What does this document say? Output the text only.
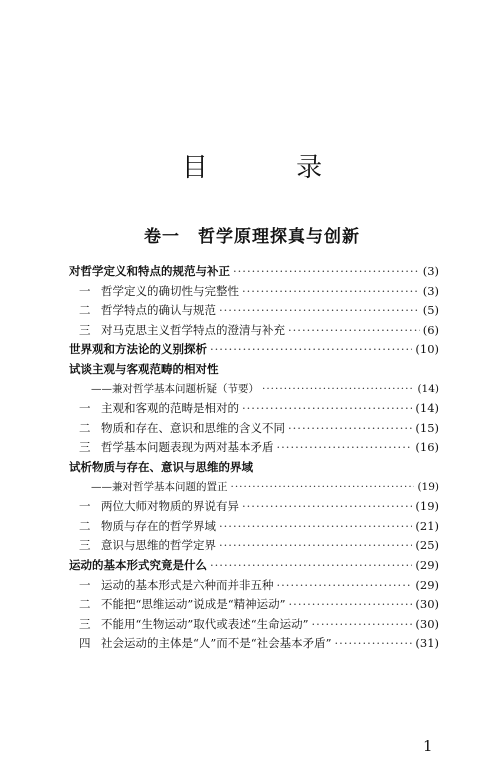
目 录
卷一　哲学原理探真与创新
对哲学定义和特点的规范与补正 ·····	(3)
一 哲学定义的确切性与完整性 ·····	(3)
二 哲学特点的确认与规范 ·····	(5)
三 对马克思主义哲学特点的澄清与补充 ·····	(6)
世界观和方法论的义别探析 ·····	(10)
试谈主观与客观范畴的相对性
——兼对哲学基本问题析疑（节要） ·····	(14)
一 主观和客观的范畴是相对的 ·····	(14)
二 物质和存在、意识和思维的含义不同 ·····	(15)
三 哲学基本问题表现为两对基本矛盾 ·····	(16)
试析物质与存在、意识与思维的界域
——兼对哲学基本问题的置正 ·····	(19)
一 两位大师对物质的界说有异 ·····	(19)
二 物质与存在的哲学界域 ·····	(21)
三 意识与思维的哲学定界 ·····	(25)
运动的基本形式究竟是什么 ·····	(29)
一 运动的基本形式是六种而并非五种 ·····	(29)
二 不能把“思维运动”说成是“精神运动” ·····	(30)
三 不能用“生物运动”取代或表述“生命运动” ·····	(30)
四 社会运动的主体是“人”而不是“社会基本矛盾” ·····	(31)
1
